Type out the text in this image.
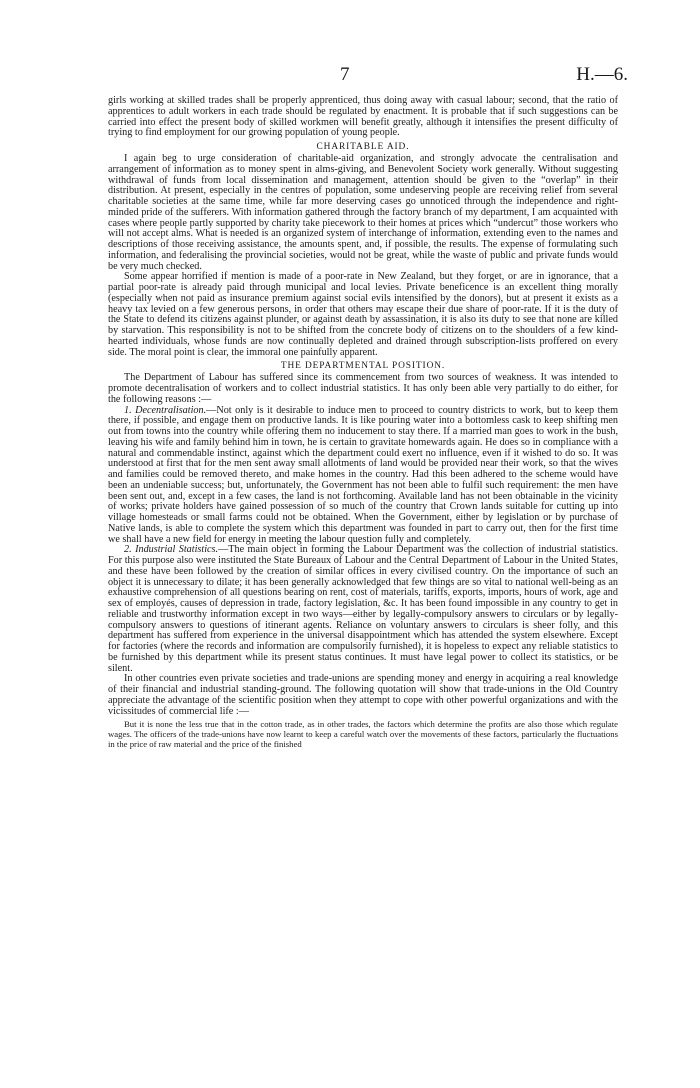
7	H.—6.

girls working at skilled trades shall be properly apprenticed, thus doing away with casual labour; second, that the ratio of apprentices to adult workers in each trade should be regulated by enactment. It is probable that if such suggestions can be carried into effect the present body of skilled workmen will benefit greatly, although it intensifies the present difficulty of trying to find employment for our growing population of young people.

CHARITABLE AID.

I again beg to urge consideration of charitable-aid organization, and strongly advocate the centralisation and arrangement of information as to money spent in alms-giving, and Benevolent Society work generally. Without suggesting withdrawal of funds from local dissemination and management, attention should be given to the “overlap” in their distribution. At present, especially in the centres of population, some undeserving people are receiving relief from several charitable societies at the same time, while far more deserving cases go unnoticed through the independence and right-minded pride of the sufferers. With information gathered through the factory branch of my department, I am acquainted with cases where people partly supported by charity take piecework to their homes at prices which “undercut” those workers who will not accept alms. What is needed is an organized system of interchange of information, extending even to the names and descriptions of those receiving assistance, the amounts spent, and, if possible, the results. The expense of formulating such information, and federalising the provincial societies, would not be great, while the waste of public and private funds would be very much checked.

Some appear horrified if mention is made of a poor-rate in New Zealand, but they forget, or are in ignorance, that a partial poor-rate is already paid through municipal and local levies. Private beneficence is an excellent thing morally (especially when not paid as insurance premium against social evils intensified by the donors), but at present it exists as a heavy tax levied on a few generous persons, in order that others may escape their due share of poor-rate. If it is the duty of the State to defend its citizens against plunder, or against death by assassination, it is also its duty to see that none are killed by starvation. This responsibility is not to be shifted from the concrete body of citizens on to the shoulders of a few kind-hearted individuals, whose funds are now continually depleted and drained through subscription-lists proffered on every side. The moral point is clear, the immoral one painfully apparent.

THE DEPARTMENTAL POSITION.

The Department of Labour has suffered since its commencement from two sources of weakness. It was intended to promote decentralisation of workers and to collect industrial statistics. It has only been able very partially to do either, for the following reasons :—

1. Decentralisation.—Not only is it desirable to induce men to proceed to country districts to work, but to keep them there, if possible, and engage them on productive lands. It is like pouring water into a bottomless cask to keep shifting men out from towns into the country while offering them no inducement to stay there. If a married man goes to work in the bush, leaving his wife and family behind him in town, he is certain to gravitate homewards again. He does so in compliance with a natural and commendable instinct, against which the department could exert no influence, even if it wished to do so. It was understood at first that for the men sent away small allotments of land would be provided near their work, so that the wives and families could be removed thereto, and make homes in the country. Had this been adhered to the scheme would have been an undeniable success; but, unfortunately, the Government has not been able to fulfil such requirement: the men have been sent out, and, except in a few cases, the land is not forthcoming. Available land has not been obtainable in the vicinity of works; private holders have gained possession of so much of the country that Crown lands suitable for cutting up into village homesteads or small farms could not be obtained. When the Government, either by legislation or by purchase of Native lands, is able to complete the system which this department was founded in part to carry out, then for the first time we shall have a new field for energy in meeting the labour question fully and completely.

2. Industrial Statistics.—The main object in forming the Labour Department was the collection of industrial statistics. For this purpose also were instituted the State Bureaux of Labour and the Central Department of Labour in the United States, and these have been followed by the creation of similar offices in every civilised country. On the importance of such an object it is unnecessary to dilate; it has been generally acknowledged that few things are so vital to national well-being as an exhaustive comprehension of all questions bearing on rent, cost of materials, tariffs, exports, imports, hours of work, age and sex of employés, causes of depression in trade, factory legislation, &c. It has been found impossible in any country to get in reliable and trustworthy information except in two ways—either by legally-compulsory answers to circulars or by legally-compulsory answers to questions of itinerant agents. Reliance on voluntary answers to circulars is sheer folly, and this department has suffered from experience in the universal disappointment which has attended the system elsewhere. Except for factories (where the records and information are compulsorily furnished), it is hopeless to expect any reliable statistics to be furnished by this department while its present status continues. It must have legal power to collect its statistics, or be silent.

In other countries even private societies and trade-unions are spending money and energy in acquiring a real knowledge of their financial and industrial standing-ground. The following quotation will show that trade-unions in the Old Country appreciate the advantage of the scientific position when they attempt to cope with other powerful organizations and with the vicissitudes of commercial life :—

But it is none the less true that in the cotton trade, as in other trades, the factors which determine the profits are also those which regulate wages. The officers of the trade-unions have now learnt to keep a careful watch over the movements of these factors, particularly the fluctuations in the price of raw material and the price of the finished
